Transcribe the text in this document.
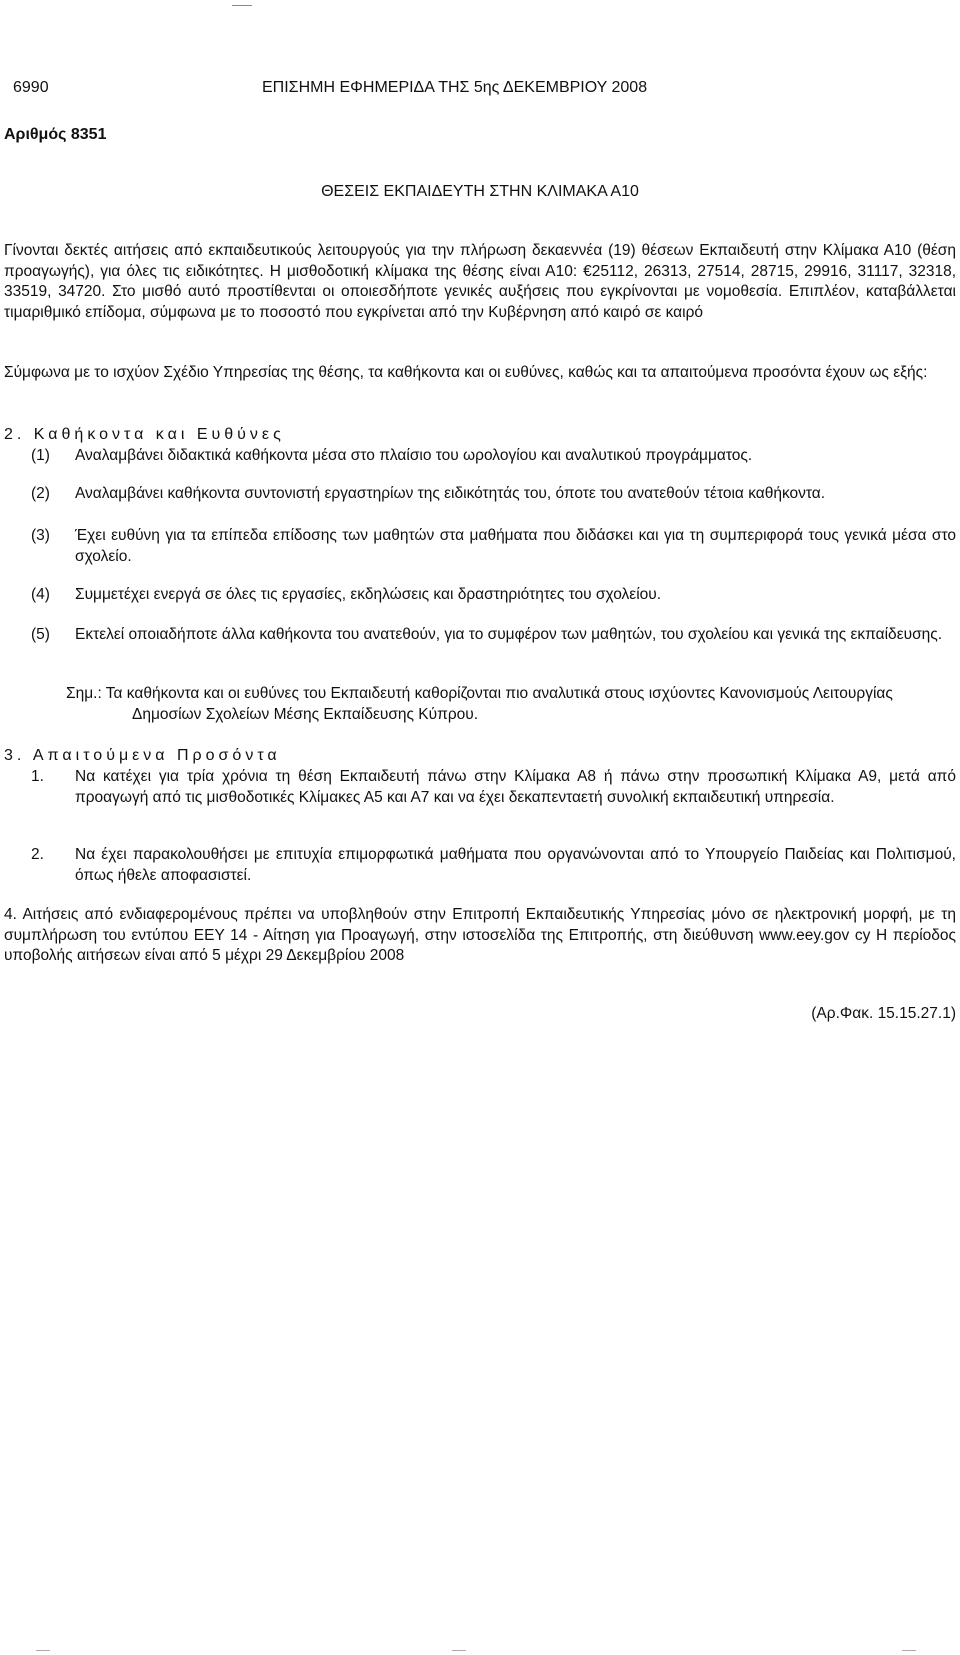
6990	ΕΠΙΣΗΜΗ ΕΦΗΜΕΡΙΔΑ ΤΗΣ 5ης ΔΕΚΕΜΒΡΙΟΥ 2008
Αριθμός 8351
ΘΕΣΕΙΣ ΕΚΠΑΙΔΕΥΤΗ ΣΤΗΝ ΚΛΙΜΑΚΑ Α10

Γίνονται δεκτές αιτήσεις από εκπαιδευτικούς λειτουργούς για την πλήρωση δεκαεννέα (19) θέσεων Εκπαιδευτή στην Κλίμακα Α10 (θέση προαγωγής), για όλες τις ειδικότητες. Η μισθοδοτική κλίμακα της θέσης είναι Α10: €25112, 26313, 27514, 28715, 29916, 31117, 32318, 33519, 34720. Στο μισθό αυτό προστίθενται οι οποιεσδήποτε γενικές αυξήσεις που εγκρίνονται με νομοθεσία. Επιπλέον, καταβάλλεται τιμαριθμικό επίδομα, σύμφωνα με το ποσοστό που εγκρίνεται από την Κυβέρνηση από καιρό σε καιρό

Σύμφωνα με το ισχύον Σχέδιο Υπηρεσίας της θέσης, τα καθήκοντα και οι ευθύνες, καθώς και τα απαιτούμενα προσόντα έχουν ως εξής:

2. Καθήκοντα και Ευθύνες
(1) Αναλαμβάνει διδακτικά καθήκοντα μέσα στο πλαίσιο του ωρολογίου και αναλυτικού προγράμματος.
(2) Αναλαμβάνει καθήκοντα συντονιστή εργαστηρίων της ειδικότητάς του, όποτε του ανατεθούν τέτοια καθήκοντα.
(3) Έχει ευθύνη για τα επίπεδα επίδοσης των μαθητών στα μαθήματα που διδάσκει και για τη συμπεριφορά τους γενικά μέσα στο σχολείο.
(4) Συμμετέχει ενεργά σε όλες τις εργασίες, εκδηλώσεις και δραστηριότητες του σχολείου.
(5) Εκτελεί οποιαδήποτε άλλα καθήκοντα του ανατεθούν, για το συμφέρον των μαθητών, του σχολείου και γενικά της εκπαίδευσης.
Σημ.: Τα καθήκοντα και οι ευθύνες του Εκπαιδευτή καθορίζονται πιο αναλυτικά στους ισχύοντες Κανονισμούς Λειτουργίας Δημοσίων Σχολείων Μέσης Εκπαίδευσης Κύπρου.
3. Απαιτούμενα Προσόντα
1. Να κατέχει για τρία χρόνια τη θέση Εκπαιδευτή πάνω στην Κλίμακα Α8 ή πάνω στην προσωπική Κλίμακα Α9, μετά από προαγωγή από τις μισθοδοτικές Κλίμακες Α5 και Α7 και να έχει δεκαπενταετή συνολική εκπαιδευτική υπηρεσία.
2. Να έχει παρακολουθήσει με επιτυχία επιμορφωτικά μαθήματα που οργανώνονται από το Υπουργείο Παιδείας και Πολιτισμού, όπως ήθελε αποφασιστεί.

4. Αιτήσεις από ενδιαφερομένους πρέπει να υποβληθούν στην Επιτροπή Εκπαιδευτικής Υπηρεσίας μόνο σε ηλεκτρονική μορφή, με τη συμπλήρωση του εντύπου ΕΕΥ 14 - Αίτηση για Προαγωγή, στην ιστοσελίδα της Επιτροπής, στη διεύθυνση www.eey.gov cy Η περίοδος υποβολής αιτήσεων είναι από 5 μέχρι 29 Δεκεμβρίου 2008

(Αρ.Φακ. 15.15.27.1)
